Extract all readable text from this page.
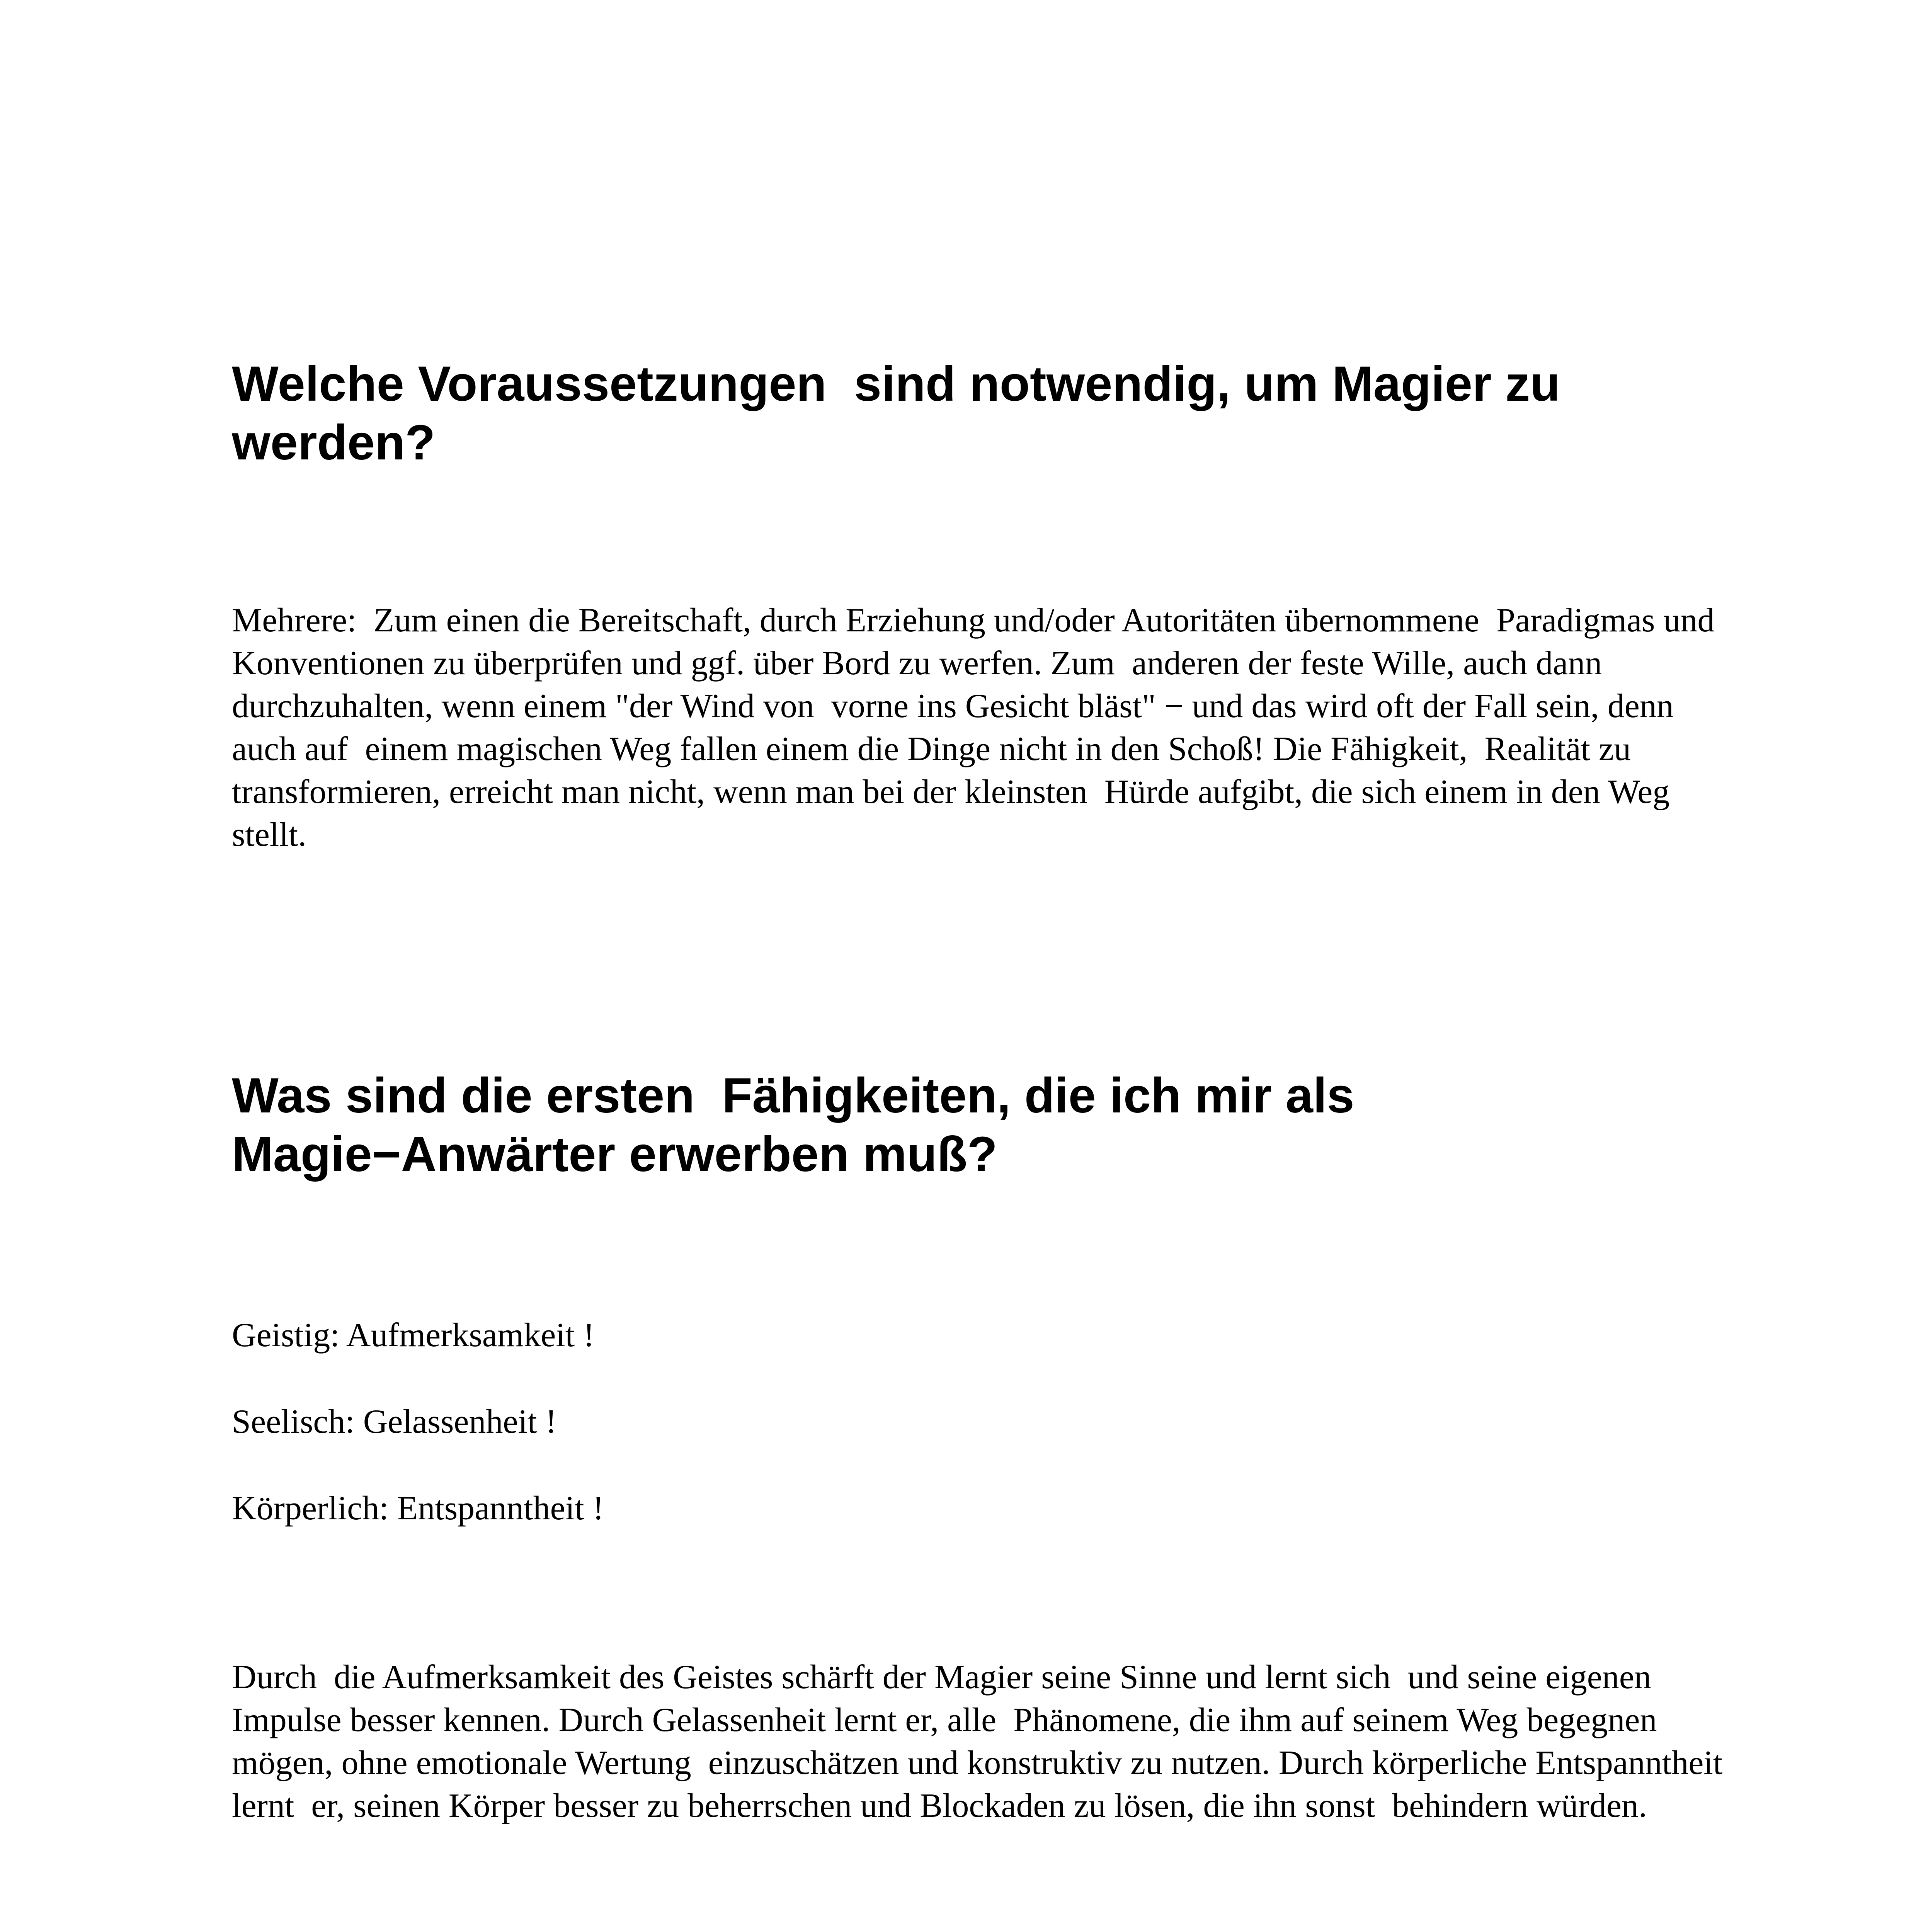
Welche Voraussetzungen  sind notwendig, um Magier zu
werden?

Mehrere:  Zum einen die Bereitschaft, durch Erziehung und/oder Autoritäten übernommene  Paradigmas und
Konventionen zu überprüfen und ggf. über Bord zu werfen. Zum  anderen der feste Wille, auch dann
durchzuhalten, wenn einem "der Wind von  vorne ins Gesicht bläst" − und das wird oft der Fall sein, denn
auch auf  einem magischen Weg fallen einem die Dinge nicht in den Schoß! Die Fähigkeit,  Realität zu
transformieren, erreicht man nicht, wenn man bei der kleinsten  Hürde aufgibt, die sich einem in den Weg
stellt.

Was sind die ersten  Fähigkeiten, die ich mir als
Magie−Anwärter erwerben muß?

Geistig: Aufmerksamkeit !

Seelisch: Gelassenheit !

Körperlich: Entspanntheit !

Durch  die Aufmerksamkeit des Geistes schärft der Magier seine Sinne und lernt sich  und seine eigenen
Impulse besser kennen. Durch Gelassenheit lernt er, alle  Phänomene, die ihm auf seinem Weg begegnen
mögen, ohne emotionale Wertung  einzuschätzen und konstruktiv zu nutzen. Durch körperliche Entspanntheit
lernt  er, seinen Körper besser zu beherrschen und Blockaden zu lösen, die ihn sonst  behindern würden.
